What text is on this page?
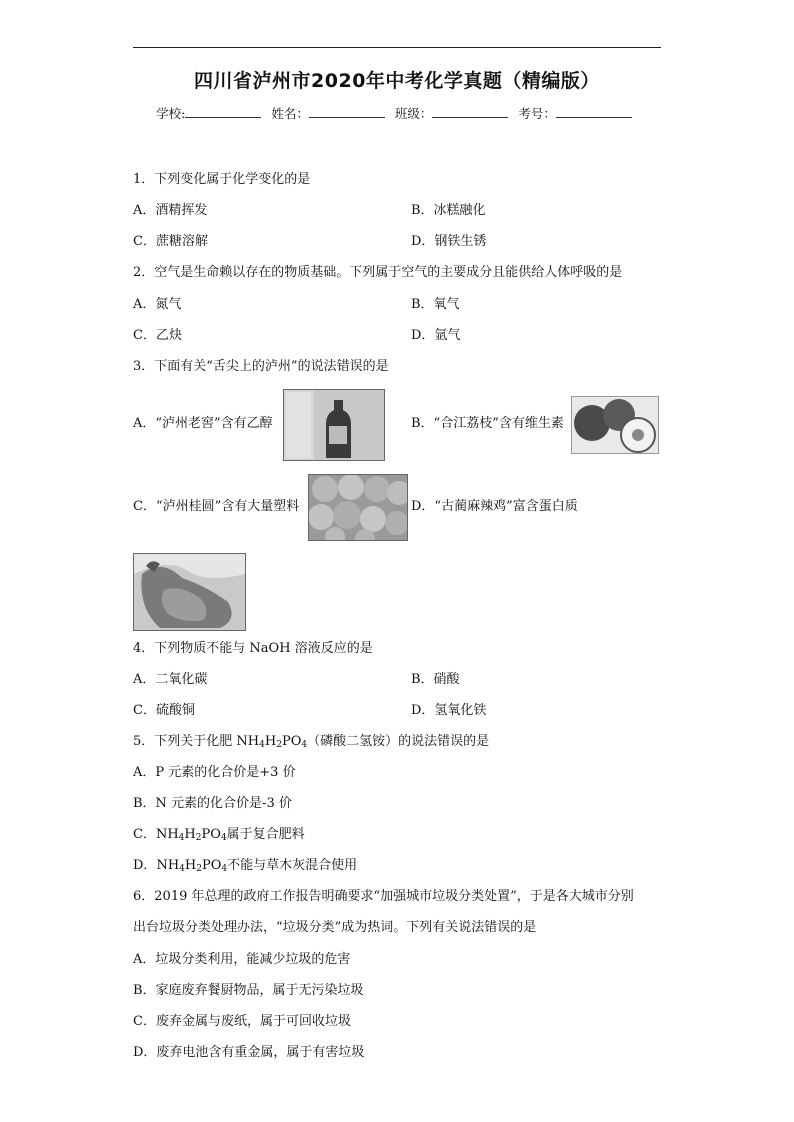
四川省泸州市2020年中考化学真题（精编版）
学校:	姓名：	班级：	考号：
1．下列变化属于化学变化的是
A．酒精挥发	B．冰糕融化
C．蔗糖溶解	D．钢铁生锈
2．空气是生命赖以存在的物质基础。下列属于空气的主要成分且能供给人体呼吸的是
A．氮气	B．氧气
C．乙炔	D．氩气
3．下面有关“舌尖上的泸州”的说法错误的是
A．“泸州老窖”含有乙醇	B．“合江荔枝”含有维生素
C．“泸州桂圆”含有大量塑料	D．“古蔺麻辣鸡”富含蛋白质
4．下列物质不能与 NaOH 溶液反应的是
A．二氧化碳	B．硝酸
C．硫酸铜	D．氢氧化铁
5．下列关于化肥 $NH_4H_2PO_4$（磷酸二氢铵）的说法错误的是
A．P 元素的化合价是+3 价
B．N 元素的化合价是-3 价
C．$NH_4H_2PO_4$属于复合肥料
D．$NH_4H_2PO_4$不能与草木灰混合使用
6．2019 年总理的政府工作报告明确要求“加强城市垃圾分类处置”，于是各大城市分别
出台垃圾分类处理办法，“垃圾分类”成为热词。下列有关说法错误的是
A．垃圾分类利用，能减少垃圾的危害
B．家庭废弃餐厨物品，属于无污染垃圾
C．废弃金属与废纸，属于可回收垃圾
D．废弃电池含有重金属，属于有害垃圾
